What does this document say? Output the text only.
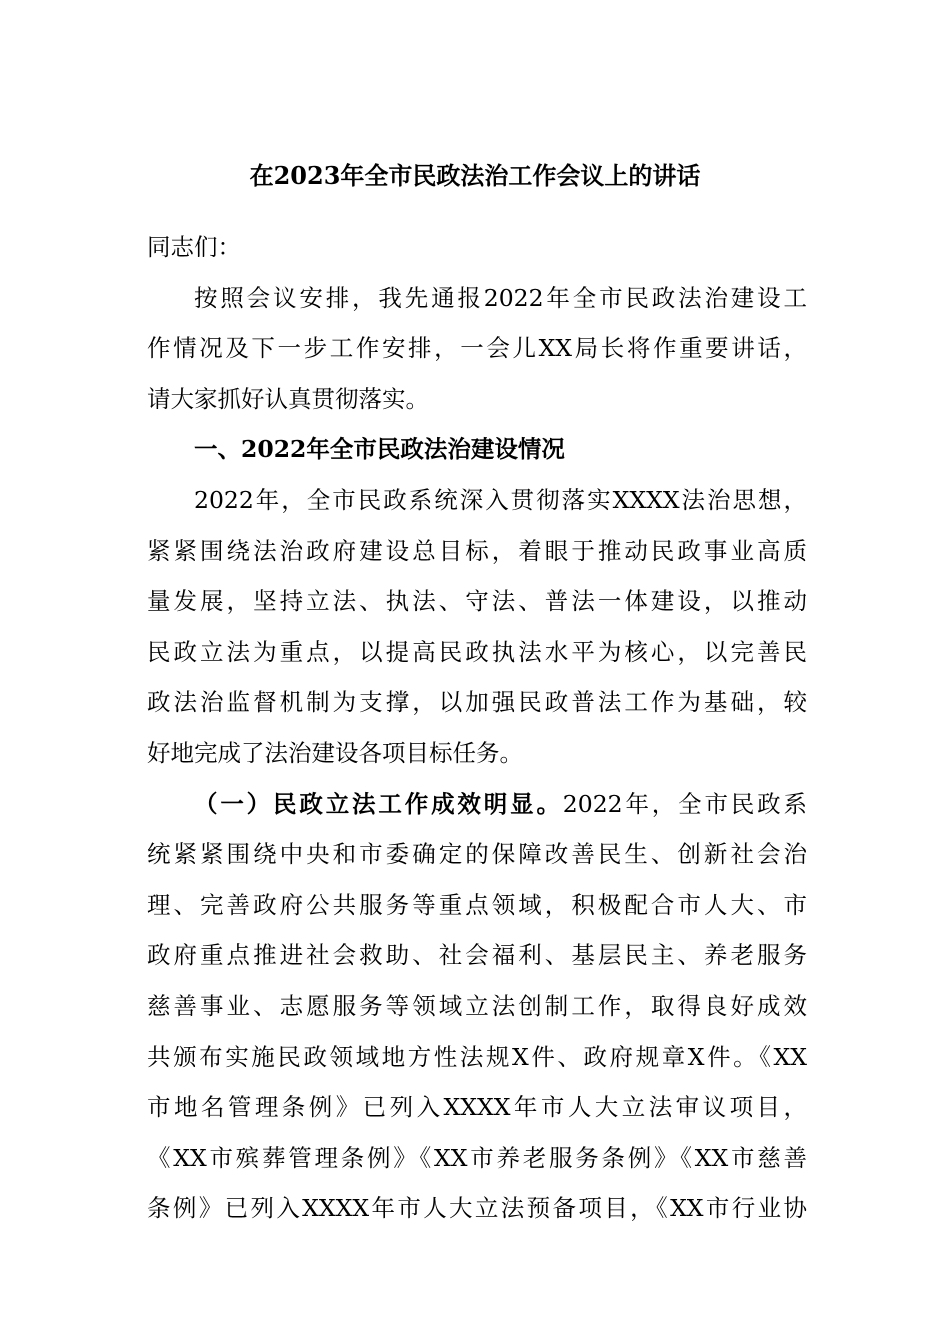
在2023年全市民政法治工作会议上的讲话

同志们：

按照会议安排，我先通报2022年全市民政法治建设工
作情况及下一步工作安排，一会儿XX局长将作重要讲话，
请大家抓好认真贯彻落实。

一、2022年全市民政法治建设情况

2022年，全市民政系统深入贯彻落实XXXX法治思想，
紧紧围绕法治政府建设总目标，着眼于推动民政事业高质
量发展，坚持立法、执法、守法、普法一体建设，以推动
民政立法为重点，以提高民政执法水平为核心，以完善民
政法治监督机制为支撑，以加强民政普法工作为基础，较
好地完成了法治建设各项目标任务。

（一）民政立法工作成效明显。2022年，全市民政系
统紧紧围绕中央和市委确定的保障改善民生、创新社会治
理、完善政府公共服务等重点领域，积极配合市人大、市
政府重点推进社会救助、社会福利、基层民主、养老服务
慈善事业、志愿服务等领域立法创制工作，取得良好成效
共颁布实施民政领域地方性法规X件、政府规章X件。《XX
市地名管理条例》已列入XXXX年市人大立法审议项目，
《XX市殡葬管理条例》《XX市养老服务条例》《XX市慈善
条例》已列入XXXX年市人大立法预备项目，《XX市行业协
